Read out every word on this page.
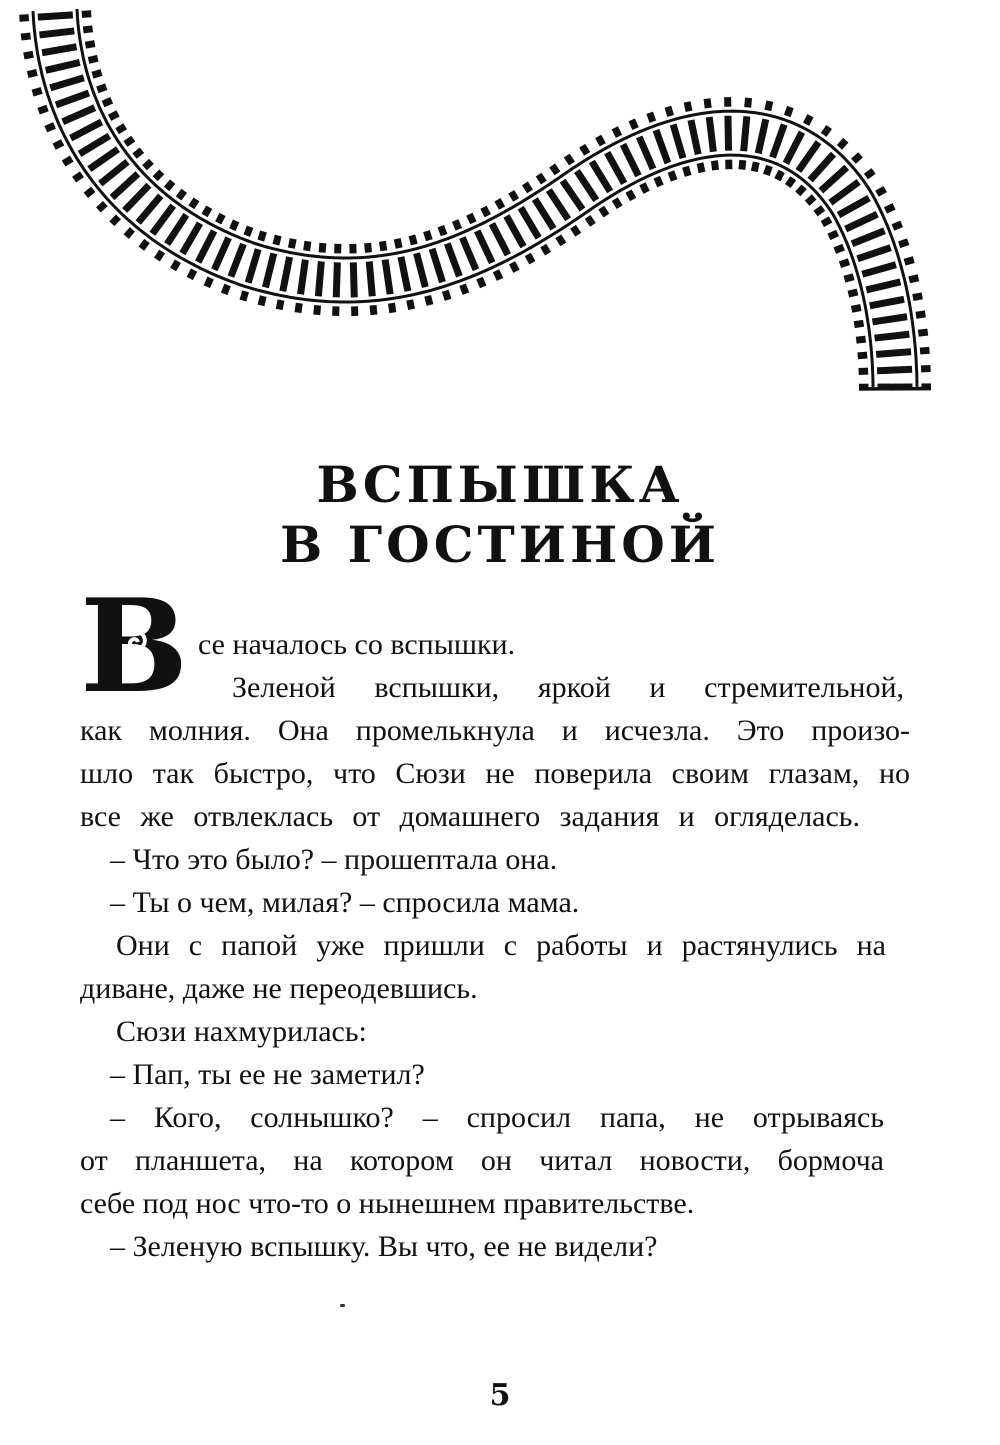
ВСПЫШКА
В ГОСТИНОЙ
В се началось со вспышки.
Зеленой вспышки, яркой и стремительной,
как молния. Она промелькнула и исчезла. Это произо-
шло так быстро, что Сюзи не поверила своим глазам, но
все же отвлеклась от домашнего задания и огляделась.
– Что это было? – прошептала она.
– Ты о чем, милая? – спросила мама.
Они с папой уже пришли с работы и растянулись на
диване, даже не переодевшись.
Сюзи нахмурилась:
– Пап, ты ее не заметил?
– Кого, солнышко? – спросил папа, не отрываясь
от планшета, на котором он читал новости, бормоча
себе под нос что-то о нынешнем правительстве.
– Зеленую вспышку. Вы что, ее не видели?
5
